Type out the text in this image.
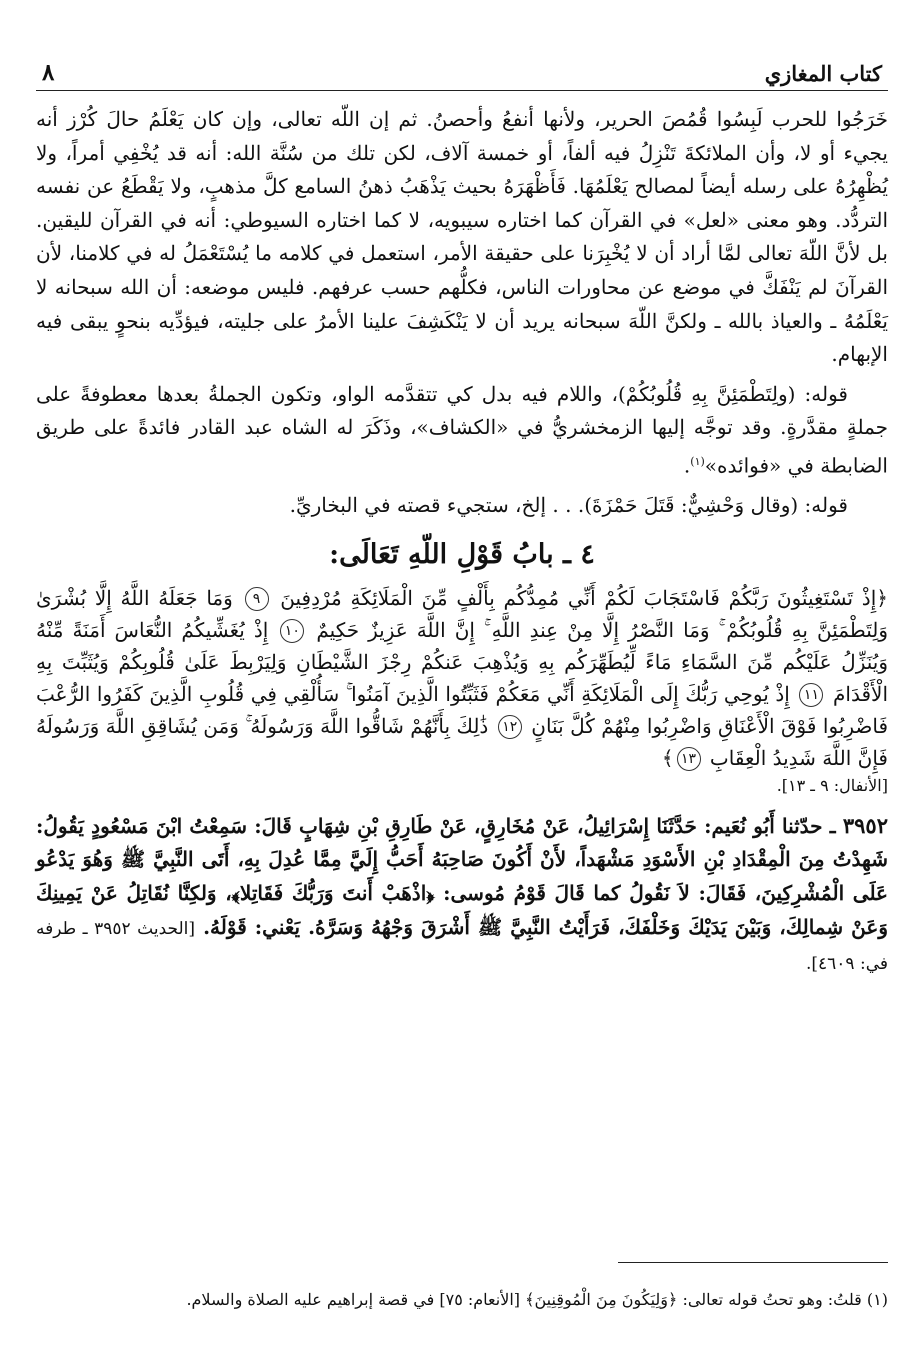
كتاب المغازي
٨

خَرَجُوا للحرب لَبِسُوا قُمُصَ الحرير، ولأنها أنفعُ وأحصنُ. ثم إن اللّه تعالى، وإن كان يَعْلَمُ حالَ كُرْز أنه يجيء أو لا، وأن الملائكةَ تَنْزِلُ فيه ألفاً، أو خمسة آلاف، لكن تلك من سُنَّة الله: أنه قد يُخْفِي أمراً، ولا يُظْهِرُهُ على رسله أيضاً لمصالح يَعْلَمُهَا. فَأَظْهَرَهُ بحيث يَذْهَبُ ذهنُ السامع كلَّ مذهبٍ، ولا يَقْطَعُ عن نفسه التردُّد. وهو معنى «لعل» في القرآن كما اختاره سيبويه، لا كما اختاره السيوطي: أنه في القرآن لليقين. بل لأنَّ اللّهَ تعالى لمَّا أراد أن لا يُخْبِرَنا على حقيقة الأمر، استعمل في كلامه ما يُسْتَعْمَلُ له في كلامنا، لأن القرآنَ لم يَنْفَكَّ في موضع عن محاورات الناس، فكلُّهم حسب عرفهم. فليس موضعه: أن الله سبحانه لا يَعْلَمُهُ ـ والعياذ بالله ـ ولكنَّ اللّهَ سبحانه يريد أن لا يَنْكَشِفَ علينا الأمرُ على جليته، فيؤدِّيه بنحوٍ يبقى فيه الإبهام.

قوله: (ولِتَطْمَئِنَّ بِهِ قُلُوبُكُمْ)، واللام فيه بدل كي تتقدَّمه الواو، وتكون الجملةُ بعدها معطوفةً على جملةٍ مقدَّرةٍ. وقد توجَّه إليها الزمخشريُّ في «الكشاف»، وذَكَرَ له الشاه عبد القادر فائدةً على طريق الضابطة في «فوائده»$^{(١)}$.

قوله: (وقال وَحْشِيٌّ: قَتَلَ حَمْزَةَ). . . إلخ، ستجيء قصته في البخاريِّ.

٤ ـ بابُ قَوْلِ اللّهِ تَعَالَى:

﴿إِذْ تَسْتَغِيثُونَ رَبَّكُمْ فَاسْتَجَابَ لَكُمْ أَنِّي مُمِدُّكُم بِأَلْفٍ مِّنَ الْمَلَائِكَةِ مُرْدِفِينَ ٩ وَمَا جَعَلَهُ اللَّهُ إِلَّا بُشْرَىٰ وَلِتَطْمَئِنَّ بِهِ قُلُوبُكُمْ ۚ وَمَا النَّصْرُ إِلَّا مِنْ عِندِ اللَّهِ ۚ إِنَّ اللَّهَ عَزِيزٌ حَكِيمٌ ١٠ إِذْ يُغَشِّيكُمُ النُّعَاسَ أَمَنَةً مِّنْهُ وَيُنَزِّلُ عَلَيْكُم مِّنَ السَّمَاءِ مَاءً لِّيُطَهِّرَكُم بِهِ وَيُذْهِبَ عَنكُمْ رِجْزَ الشَّيْطَانِ وَلِيَرْبِطَ عَلَىٰ قُلُوبِكُمْ وَيُثَبِّتَ بِهِ الْأَقْدَامَ ١١ إِذْ يُوحِي رَبُّكَ إِلَى الْمَلَائِكَةِ أَنِّي مَعَكُمْ فَثَبِّتُوا الَّذِينَ آمَنُوا ۚ سَأُلْقِي فِي قُلُوبِ الَّذِينَ كَفَرُوا الرُّعْبَ فَاضْرِبُوا فَوْقَ الْأَعْنَاقِ وَاضْرِبُوا مِنْهُمْ كُلَّ بَنَانٍ ١٢ ذَٰلِكَ بِأَنَّهُمْ شَاقُّوا اللَّهَ وَرَسُولَهُ ۚ وَمَن يُشَاقِقِ اللَّهَ وَرَسُولَهُ فَإِنَّ اللَّهَ شَدِيدُ الْعِقَابِ ١٣﴾

[الأنفال: ٩ ـ ١٣].

٣٩٥٢ ـ حدّثنا أَبُو نُعَيم: حَدَّثَنَا إِسْرَائِيلُ، عَنْ مُخَارِقٍ، عَنْ طَارِقِ بْنِ شِهَابٍ قَالَ: سَمِعْتُ ابْنَ مَسْعُودٍ يَقُولُ: شَهِدْتُ مِنَ الْمِقْدَادِ بْنِ الأَسْوَدِ مَشْهَداً، لأَنْ أَكُونَ صَاحِبَهُ أَحَبُّ إِلَيَّ مِمَّا عُدِلَ بِهِ، أَتَى النَّبِيَّ ﷺ وَهُوَ يَدْعُو عَلَى الْمُشْرِكِينَ، فَقَالَ: لاَ نَقُولُ كما قَالَ قَوْمُ مُوسى: ﴿اذْهَبْ أَنتَ وَرَبُّكَ فَقَاتِلا﴾، وَلكِنَّا نُقَاتِلُ عَنْ يَمِينِكَ وَعَنْ شِمالِكَ، وَبَيْنَ يَدَيْكَ وَخَلْفَكَ، فَرَأَيْتُ النَّبِيَّ ﷺ أَشْرَقَ وَجْهُهُ وَسَرَّهُ. يَعْني: قَوْلَهُ. [الحديث ٣٩٥٢ ـ طرفه في: ٤٦٠٩].

(١) قلتُ: وهو تحتُ قوله تعالى: ﴿وَلِيَكُونَ مِنَ الْمُوقِنِينَ﴾ [الأنعام: ٧٥] في قصة إبراهيم عليه الصلاة والسلام.
